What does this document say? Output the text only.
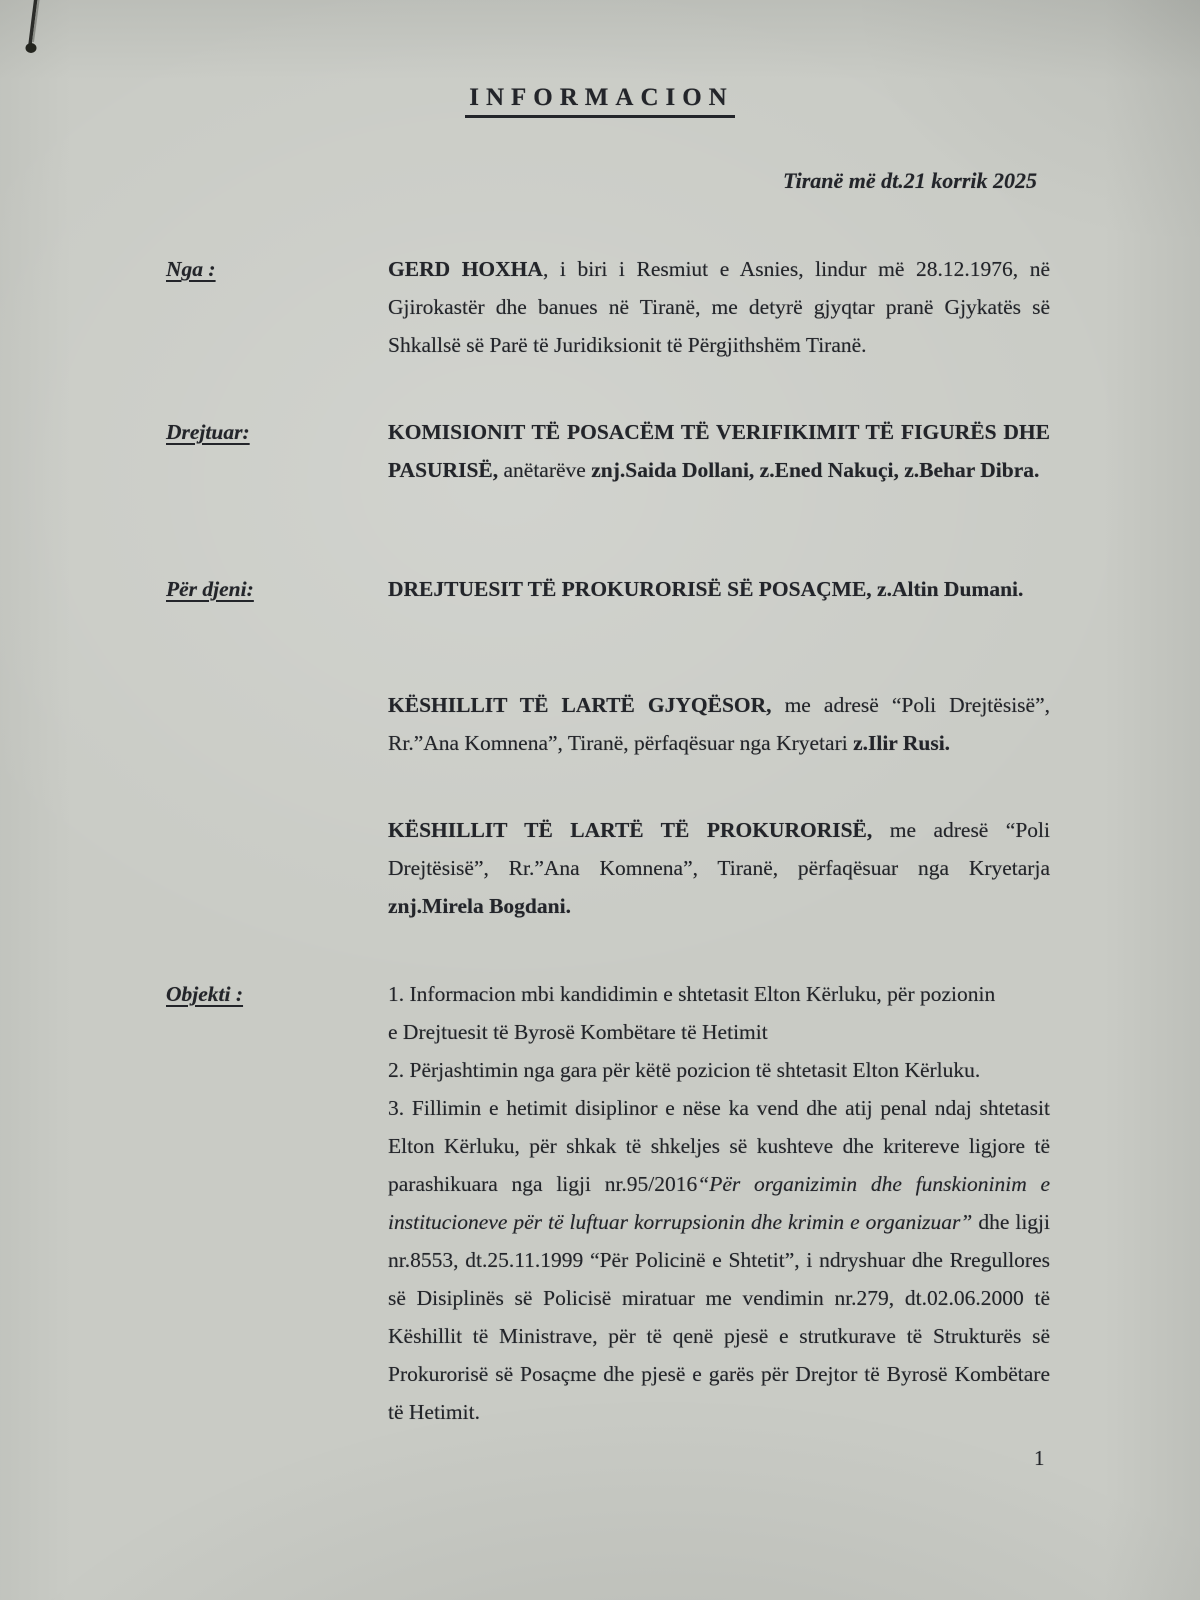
INFORMACION
Tiranë më dt.21 korrik 2025
Nga :	GERD HOXHA, i biri i Resmiut e Asnies, lindur më 28.12.1976, në Gjirokastër dhe banues në Tiranë, me detyrë gjyqtar pranë Gjykatës së Shkallsë së Parë të Juridiksionit të Përgjithshëm Tiranë.
Drejtuar:	KOMISIONIT TË POSACËM TË VERIFIKIMIT TË FIGURËS DHE PASURISË, anëtarëve znj.Saida Dollani, z.Ened Nakuçi, z.Behar Dibra.
Për djeni:	DREJTUESIT TË PROKURORISË SË POSAÇME, z.Altin Dumani.
KËSHILLIT TË LARTË GJYQËSOR, me adresë “Poli Drejtësisë”, Rr.”Ana Komnena”, Tiranë, përfaqësuar nga Kryetari z.Ilir Rusi.
KËSHILLIT TË LARTË TË PROKURORISË, me adresë “Poli Drejtësisë”, Rr.”Ana Komnena”, Tiranë, përfaqësuar nga Kryetarja znj.Mirela Bogdani.
Objekti :	1. Informacion mbi kandidimin e shtetasit Elton Kërluku, për pozionin
e Drejtuesit të Byrosë Kombëtare të Hetimit

2. Përjashtimin nga gara për këtë pozicion të shtetasit Elton Kërluku.

3. Fillimin e hetimit disiplinor e nëse ka vend dhe atij penal ndaj shtetasit Elton Kërluku, për shkak të shkeljes së kushteve dhe kritereve ligjore të parashikuara nga ligji nr.95/2016“Për organizimin dhe funskioninim e institucioneve për të luftuar korrupsionin dhe krimin e organizuar” dhe ligji nr.8553, dt.25.11.1999 “Për Policinë e Shtetit”, i ndryshuar dhe Rregullores së Disiplinës së Policisë miratuar me vendimin nr.279, dt.02.06.2000 të Këshillit të Ministrave, për të qenë pjesë e strutkurave të Strukturës së Prokurorisë së Posaçme dhe pjesë e garës për Drejtor të Byrosë Kombëtare të Hetimit.

1
